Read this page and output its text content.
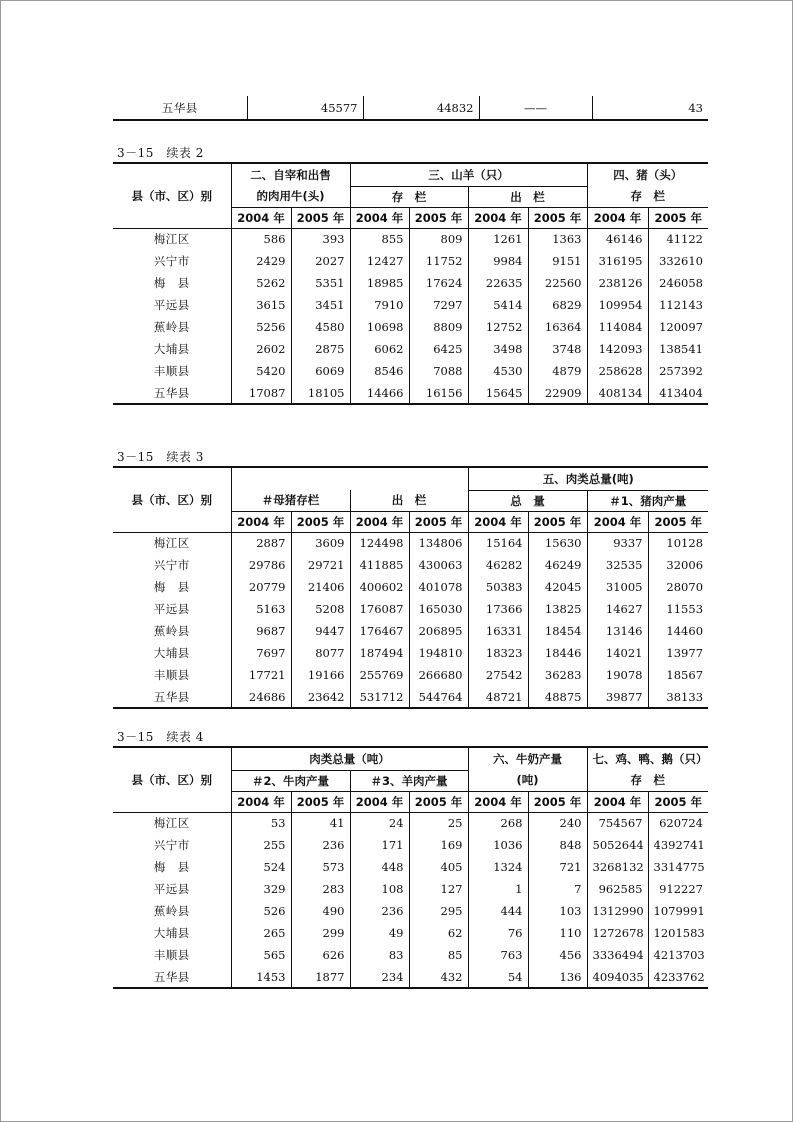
五华县	45577	44832	——	43
3－15　续表 2
县（市、区）别	二、自宰和出售		三、山羊（只）				四、猪（头）	
	的肉用牛(头)		存　栏		出　栏		存　栏	
	2004 年	2005 年	2004 年	2005 年	2004 年	2005 年	2004 年	2005 年
梅江区	586	393	855	809	1261	1363	46146	41122
兴宁市	2429	2027	12427	11752	9984	9151	316195	332610
梅　县	5262	5351	18985	17624	22635	22560	238126	246058
平远县	3615	3451	7910	7297	5414	6829	109954	112143
蕉岭县	5256	4580	10698	8809	12752	16364	114084	120097
大埔县	2602	2875	6062	6425	3498	3748	142093	138541
丰顺县	5420	6069	8546	7088	4530	4879	258628	257392
五华县	17087	18105	14466	16156	15645	22909	408134	413404
3－15　续表 3
县（市、区）别					五、肉类总量(吨)			
	＃母猪存栏		出　栏		总　量		＃1、猪肉产量	
	2004 年	2005 年	2004 年	2005 年	2004 年	2005 年	2004 年	2005 年
梅江区	2887	3609	124498	134806	15164	15630	9337	10128
兴宁市	29786	29721	411885	430063	46282	46249	32535	32006
梅　县	20779	21406	400602	401078	50383	42045	31005	28070
平远县	5163	5208	176087	165030	17366	13825	14627	11553
蕉岭县	9687	9447	176467	206895	16331	18454	13146	14460
大埔县	7697	8077	187494	194810	18323	18446	14021	13977
丰顺县	17721	19166	255769	266680	27542	36283	19078	18567
五华县	24686	23642	531712	544764	48721	48875	39877	38133
3－15　续表 4
县（市、区）别	肉类总量（吨）				六、牛奶产量		七、鸡、鸭、鹅（只）	
	＃2、牛肉产量		＃3、羊肉产量		(吨)		存　栏	
	2004 年	2005 年	2004 年	2005 年	2004 年	2005 年	2004 年	2005 年
梅江区	53	41	24	25	268	240	754567	620724
兴宁市	255	236	171	169	1036	848	5052644	4392741
梅　县	524	573	448	405	1324	721	3268132	3314775
平远县	329	283	108	127	1	7	962585	912227
蕉岭县	526	490	236	295	444	103	1312990	1079991
大埔县	265	299	49	62	76	110	1272678	1201583
丰顺县	565	626	83	85	763	456	3336494	4213703
五华县	1453	1877	234	432	54	136	4094035	4233762
